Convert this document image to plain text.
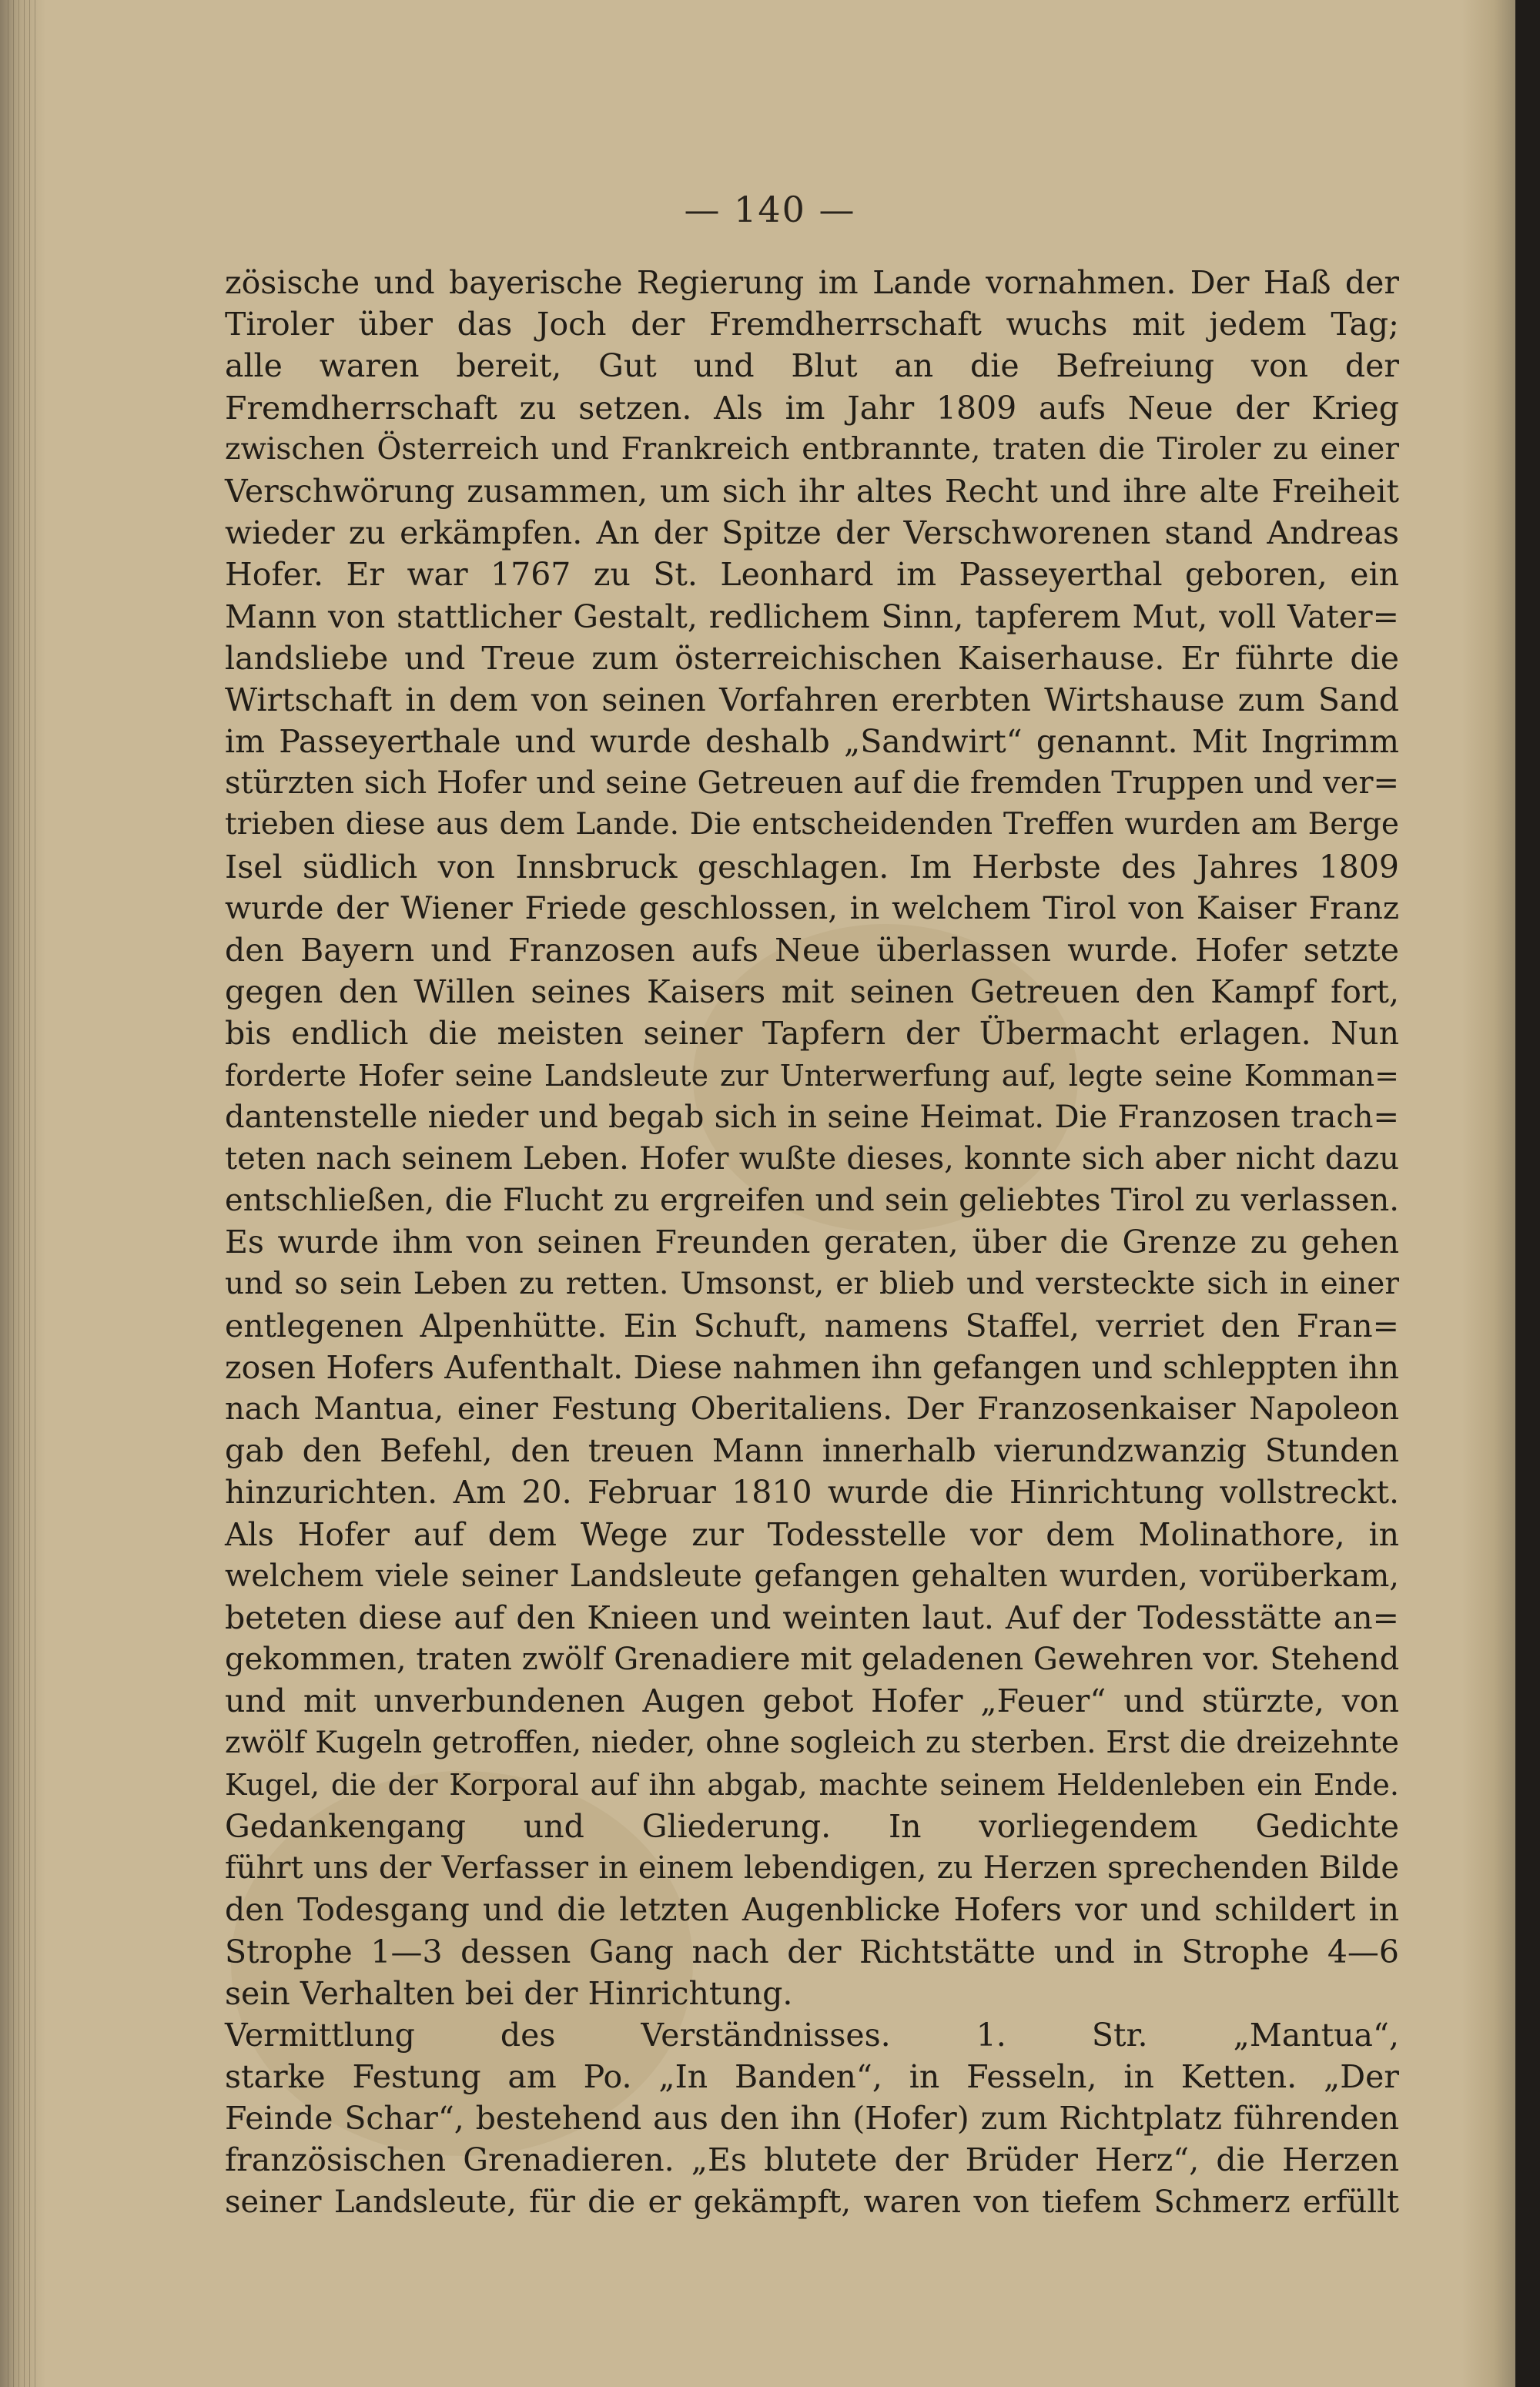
— 140 —
zösische und bayerische Regierung im Lande vornahmen. Der Haß der
Tiroler über das Joch der Fremdherrschaft wuchs mit jedem Tag;
alle waren bereit, Gut und Blut an die Befreiung von der
Fremdherrschaft zu setzen. Als im Jahr 1809 aufs Neue der Krieg
zwischen Österreich und Frankreich entbrannte, traten die Tiroler zu einer
Verschwörung zusammen, um sich ihr altes Recht und ihre alte Freiheit
wieder zu erkämpfen. An der Spitze der Verschworenen stand Andreas
Hofer. Er war 1767 zu St. Leonhard im Passeyerthal geboren, ein
Mann von stattlicher Gestalt, redlichem Sinn, tapferem Mut, voll Vater=
landsliebe und Treue zum österreichischen Kaiserhause. Er führte die
Wirtschaft in dem von seinen Vorfahren ererbten Wirtshause zum Sand
im Passeyerthale und wurde deshalb „Sandwirt“ genannt. Mit Ingrimm
stürzten sich Hofer und seine Getreuen auf die fremden Truppen und ver=
trieben diese aus dem Lande. Die entscheidenden Treffen wurden am Berge
Isel südlich von Innsbruck geschlagen. Im Herbste des Jahres 1809
wurde der Wiener Friede geschlossen, in welchem Tirol von Kaiser Franz
den Bayern und Franzosen aufs Neue überlassen wurde. Hofer setzte
gegen den Willen seines Kaisers mit seinen Getreuen den Kampf fort,
bis endlich die meisten seiner Tapfern der Übermacht erlagen. Nun
forderte Hofer seine Landsleute zur Unterwerfung auf, legte seine Komman=
dantenstelle nieder und begab sich in seine Heimat. Die Franzosen trach=
teten nach seinem Leben. Hofer wußte dieses, konnte sich aber nicht dazu
entschließen, die Flucht zu ergreifen und sein geliebtes Tirol zu verlassen.
Es wurde ihm von seinen Freunden geraten, über die Grenze zu gehen
und so sein Leben zu retten. Umsonst, er blieb und versteckte sich in einer
entlegenen Alpenhütte. Ein Schuft, namens Staffel, verriet den Fran=
zosen Hofers Aufenthalt. Diese nahmen ihn gefangen und schleppten ihn
nach Mantua, einer Festung Oberitaliens. Der Franzosenkaiser Napoleon
gab den Befehl, den treuen Mann innerhalb vierundzwanzig Stunden
hinzurichten. Am 20. Februar 1810 wurde die Hinrichtung vollstreckt.
Als Hofer auf dem Wege zur Todesstelle vor dem Molinathore, in
welchem viele seiner Landsleute gefangen gehalten wurden, vorüberkam,
beteten diese auf den Knieen und weinten laut. Auf der Todesstätte an=
gekommen, traten zwölf Grenadiere mit geladenen Gewehren vor. Stehend
und mit unverbundenen Augen gebot Hofer „Feuer“ und stürzte, von
zwölf Kugeln getroffen, nieder, ohne sogleich zu sterben. Erst die dreizehnte
Kugel, die der Korporal auf ihn abgab, machte seinem Heldenleben ein Ende.
Gedankengang und Gliederung. In vorliegendem Gedichte
führt uns der Verfasser in einem lebendigen, zu Herzen sprechenden Bilde
den Todesgang und die letzten Augenblicke Hofers vor und schildert in
Strophe 1—3 dessen Gang nach der Richtstätte und in Strophe 4—6
sein Verhalten bei der Hinrichtung.
Vermittlung des Verständnisses. 1. Str. „Mantua“,
starke Festung am Po. „In Banden“, in Fesseln, in Ketten. „Der
Feinde Schar“, bestehend aus den ihn (Hofer) zum Richtplatz führenden
französischen Grenadieren. „Es blutete der Brüder Herz“, die Herzen
seiner Landsleute, für die er gekämpft, waren von tiefem Schmerz erfüllt
